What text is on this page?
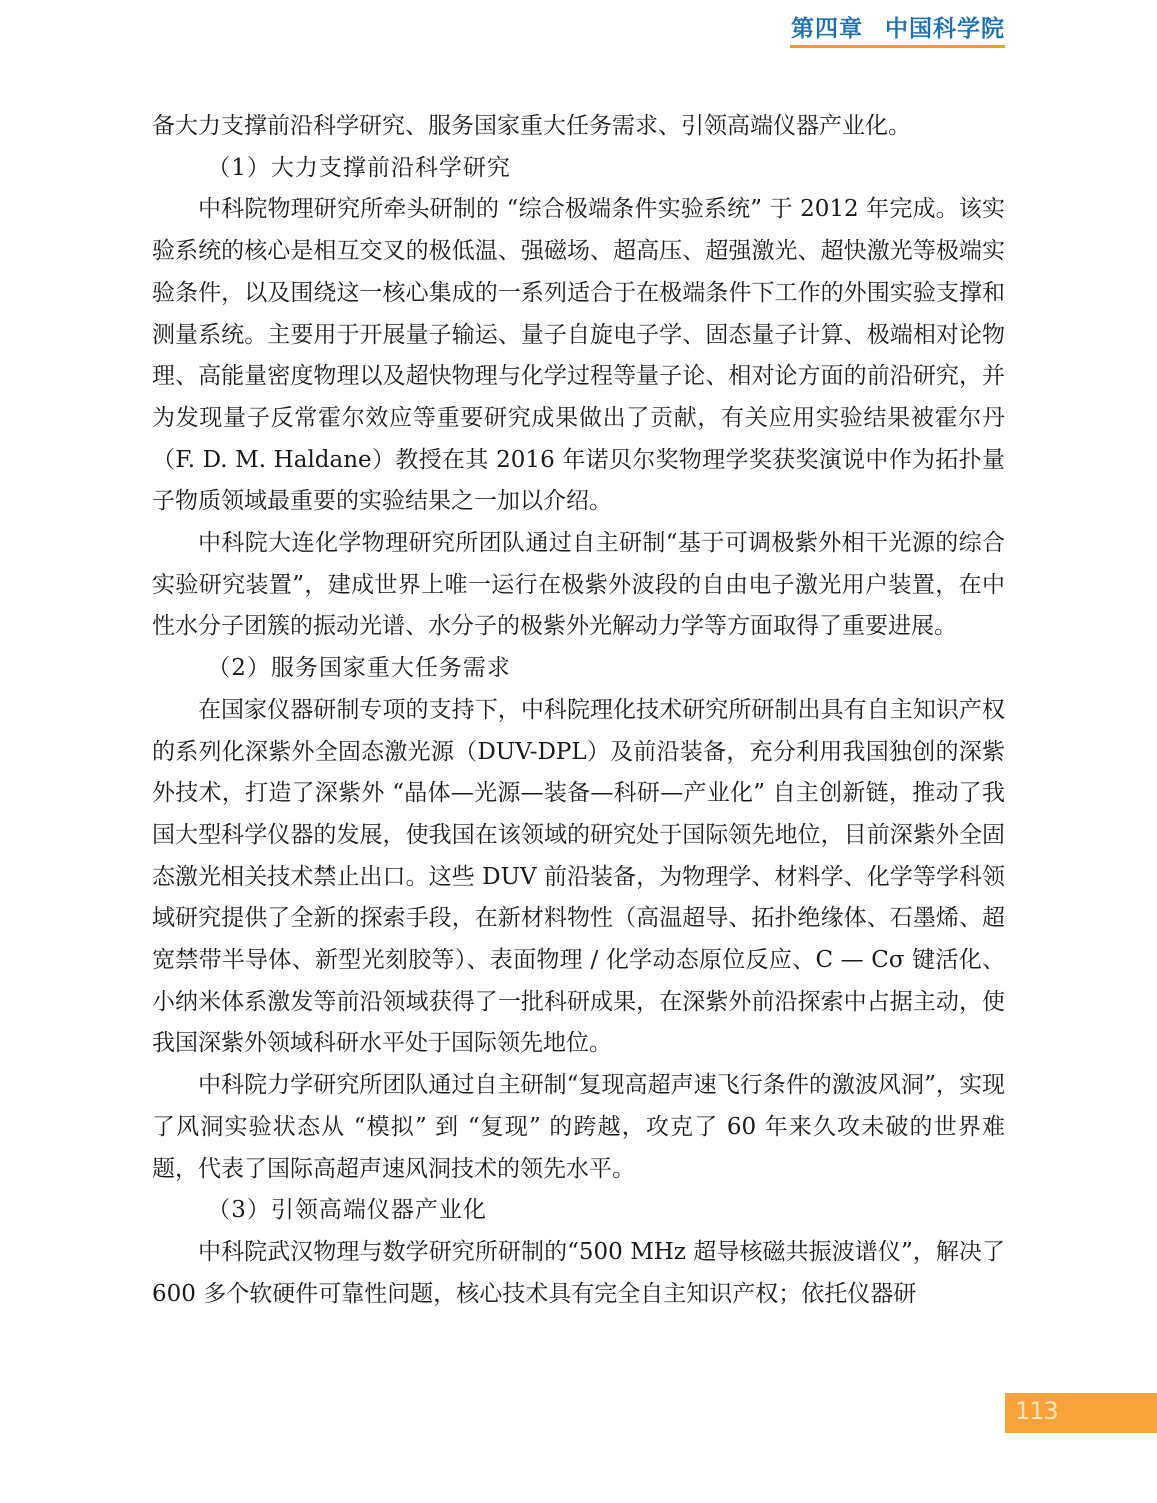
第四章 中国科学院

备大力支撑前沿科学研究、服务国家重大任务需求、引领高端仪器产业化。

（1）大力支撑前沿科学研究

中科院物理研究所牵头研制的 “综合极端条件实验系统” 于 2012 年完成。该实验系统的核心是相互交叉的极低温、强磁场、超高压、超强激光、超快激光等极端实验条件，以及围绕这一核心集成的一系列适合于在极端条件下工作的外围实验支撑和测量系统。主要用于开展量子输运、量子自旋电子学、固态量子计算、极端相对论物理、高能量密度物理以及超快物理与化学过程等量子论、相对论方面的前沿研究，并为发现量子反常霍尔效应等重要研究成果做出了贡献，有关应用实验结果被霍尔丹（F. D. M. Haldane）教授在其 2016 年诺贝尔奖物理学奖获奖演说中作为拓扑量子物质领域最重要的实验结果之一加以介绍。

中科院大连化学物理研究所团队通过自主研制“基于可调极紫外相干光源的综合实验研究装置”，建成世界上唯一运行在极紫外波段的自由电子激光用户装置，在中性水分子团簇的振动光谱、水分子的极紫外光解动力学等方面取得了重要进展。

（2）服务国家重大任务需求

在国家仪器研制专项的支持下，中科院理化技术研究所研制出具有自主知识产权的系列化深紫外全固态激光源（DUV-DPL）及前沿装备，充分利用我国独创的深紫外技术，打造了深紫外 “晶体—光源—装备—科研—产业化” 自主创新链，推动了我国大型科学仪器的发展，使我国在该领域的研究处于国际领先地位，目前深紫外全固态激光相关技术禁止出口。这些 DUV 前沿装备，为物理学、材料学、化学等学科领域研究提供了全新的探索手段，在新材料物性（高温超导、拓扑绝缘体、石墨烯、超宽禁带半导体、新型光刻胶等）、表面物理 / 化学动态原位反应、C — Cσ 键活化、小纳米体系激发等前沿领域获得了一批科研成果，在深紫外前沿探索中占据主动，使我国深紫外领域科研水平处于国际领先地位。

中科院力学研究所团队通过自主研制“复现高超声速飞行条件的激波风洞”，实现了风洞实验状态从 “模拟” 到 “复现” 的跨越，攻克了 60 年来久攻未破的世界难题，代表了国际高超声速风洞技术的领先水平。

（3）引领高端仪器产业化

中科院武汉物理与数学研究所研制的“500 MHz 超导核磁共振波谱仪”，解决了 600 多个软硬件可靠性问题，核心技术具有完全自主知识产权；依托仪器研

113
